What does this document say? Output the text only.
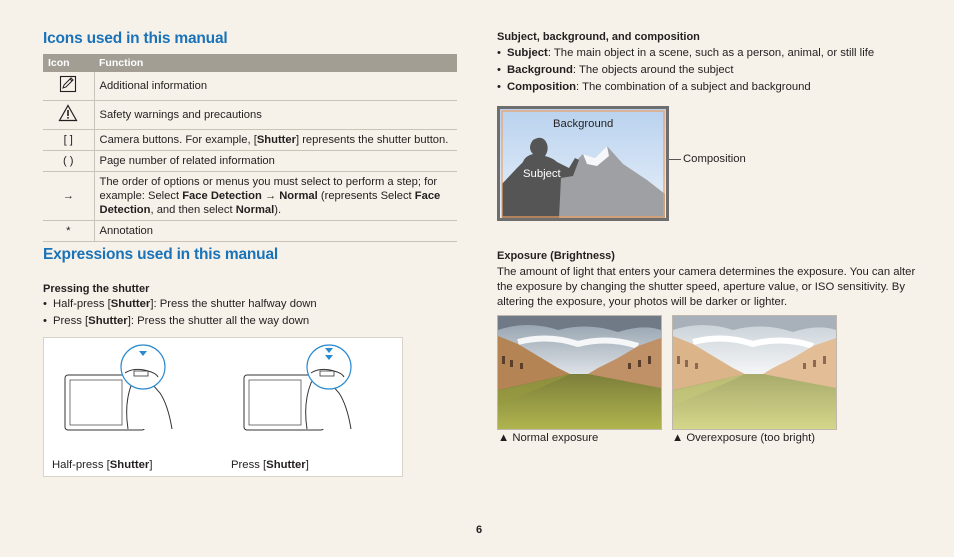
Icons used in this manual
Icon	Function
	Additional information
	Safety warnings and precautions
[ ]	Camera buttons. For example, [Shutter] represents the shutter button.
( )	Page number of related information
→	The order of options or menus you must select to perform a step; for example: Select Face Detection → Normal (represents Select Face Detection, and then select Normal).
*	Annotation
Expressions used in this manual
Pressing the shutter
• Half-press [Shutter]: Press the shutter halfway down
• Press [Shutter]: Press the shutter all the way down
Half-press [Shutter]	Press [Shutter]
Subject, background, and composition
• Subject: The main object in a scene, such as a person, animal, or still life
• Background: The objects around the subject
• Composition: The combination of a subject and background
Background
Subject
Composition
Exposure (Brightness)
The amount of light that enters your camera determines the exposure. You can alter the exposure by changing the shutter speed, aperture value, or ISO sensitivity. By altering the exposure, your photos will be darker or lighter.
▲ Normal exposure	▲ Overexposure (too bright)
6
